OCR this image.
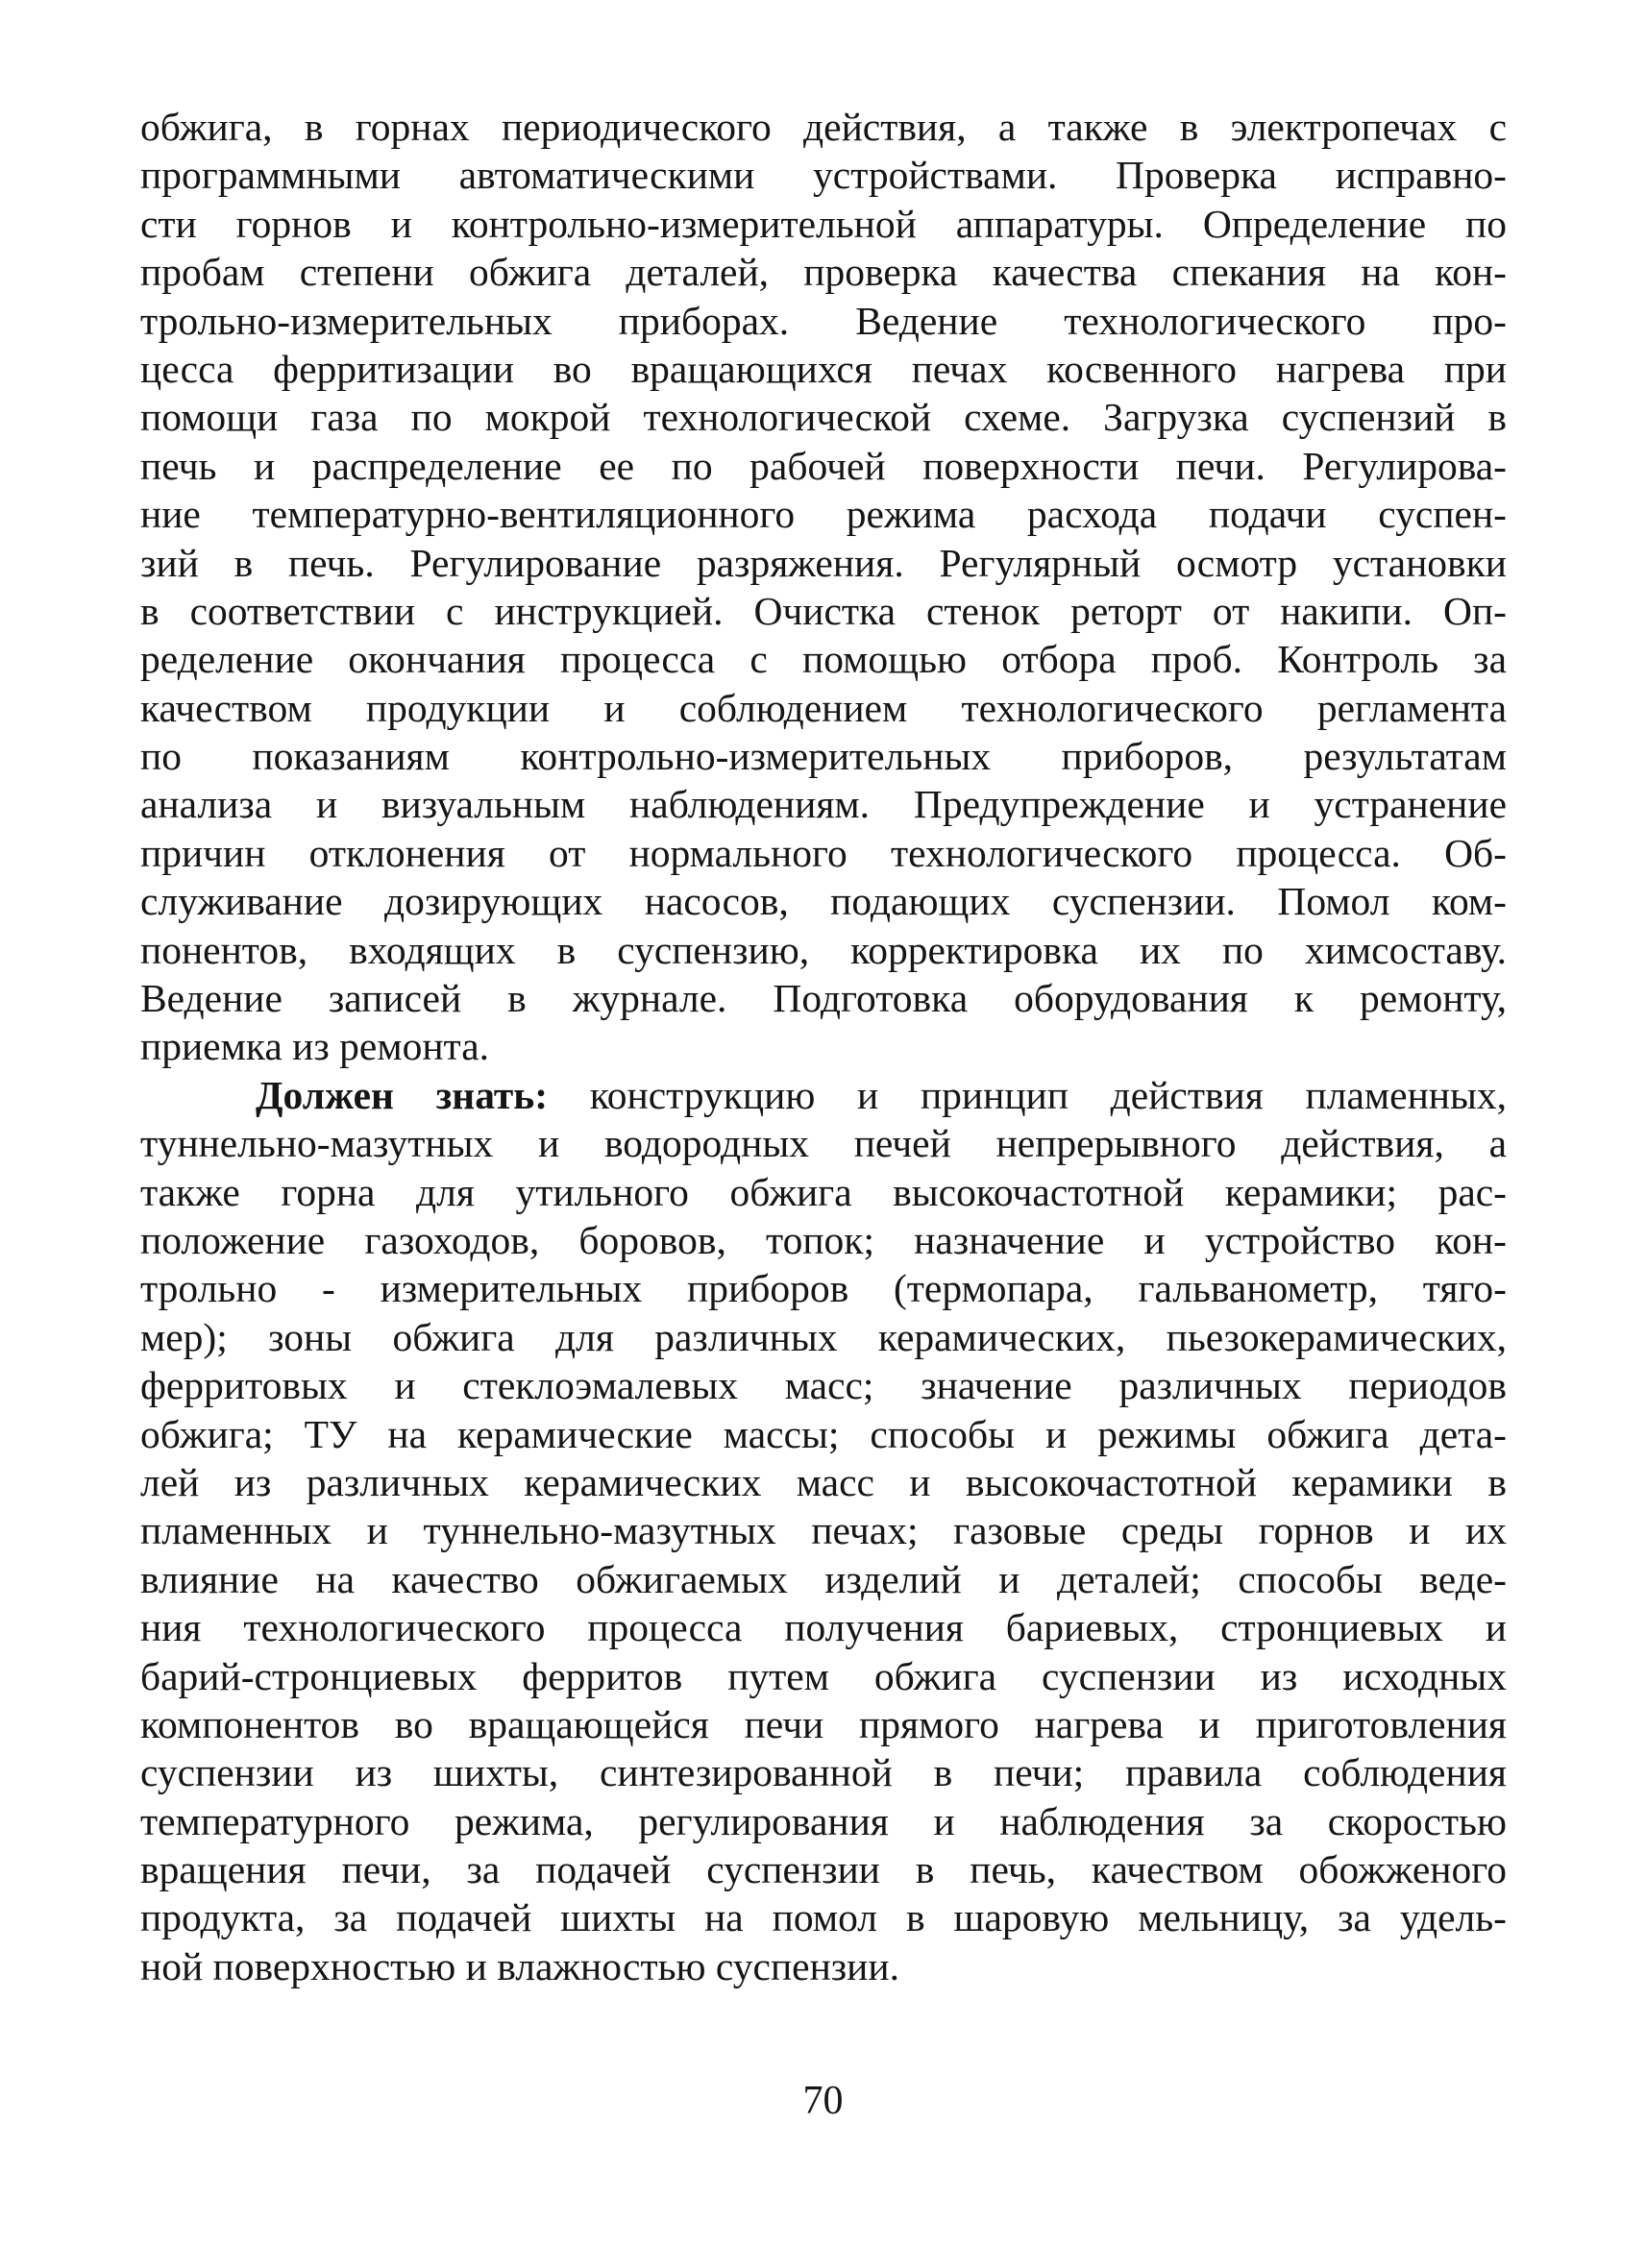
обжига, в горнах периодического действия, а также в электропечах с
программными автоматическими устройствами. Проверка исправно-
сти горнов и контрольно-измерительной аппаратуры. Определение по
пробам степени обжига деталей, проверка качества спекания на кон-
трольно-измерительных приборах. Ведение технологического про-
цесса ферритизации во вращающихся печах косвенного нагрева при
помощи газа по мокрой технологической схеме. Загрузка суспензий в
печь и распределение ее по рабочей поверхности печи. Регулирова-
ние температурно-вентиляционного режима расхода подачи суспен-
зий в печь. Регулирование разряжения. Регулярный осмотр установки
в соответствии с инструкцией. Очистка стенок реторт от накипи. Оп-
ределение окончания процесса с помощью отбора проб. Контроль за
качеством продукции и соблюдением технологического регламента
по показаниям контрольно-измерительных приборов, результатам
анализа и визуальным наблюдениям. Предупреждение и устранение
причин отклонения от нормального технологического процесса. Об-
служивание дозирующих насосов, подающих суспензии. Помол ком-
понентов, входящих в суспензию, корректировка их по химсоставу.
Ведение записей в журнале. Подготовка оборудования к ремонту,
приемка из ремонта.
Должен знать: конструкцию и принцип действия пламенных,
туннельно-мазутных и водородных печей непрерывного действия, а
также горна для утильного обжига высокочастотной керамики; рас-
положение газоходов, боровов, топок; назначение и устройство кон-
трольно - измерительных приборов (термопара, гальванометр, тяго-
мер); зоны обжига для различных керамических, пьезокерамических,
ферритовых и стеклоэмалевых масс; значение различных периодов
обжига; ТУ на керамические массы; способы и режимы обжига дета-
лей из различных керамических масс и высокочастотной керамики в
пламенных и туннельно-мазутных печах; газовые среды горнов и их
влияние на качество обжигаемых изделий и деталей; способы веде-
ния технологического процесса получения бариевых, стронциевых и
барий-стронциевых ферритов путем обжига суспензии из исходных
компонентов во вращающейся печи прямого нагрева и приготовления
суспензии из шихты, синтезированной в печи; правила соблюдения
температурного режима, регулирования и наблюдения за скоростью
вращения печи, за подачей суспензии в печь, качеством обожженого
продукта, за подачей шихты на помол в шаровую мельницу, за удель-
ной поверхностью и влажностью суспензии.
70
